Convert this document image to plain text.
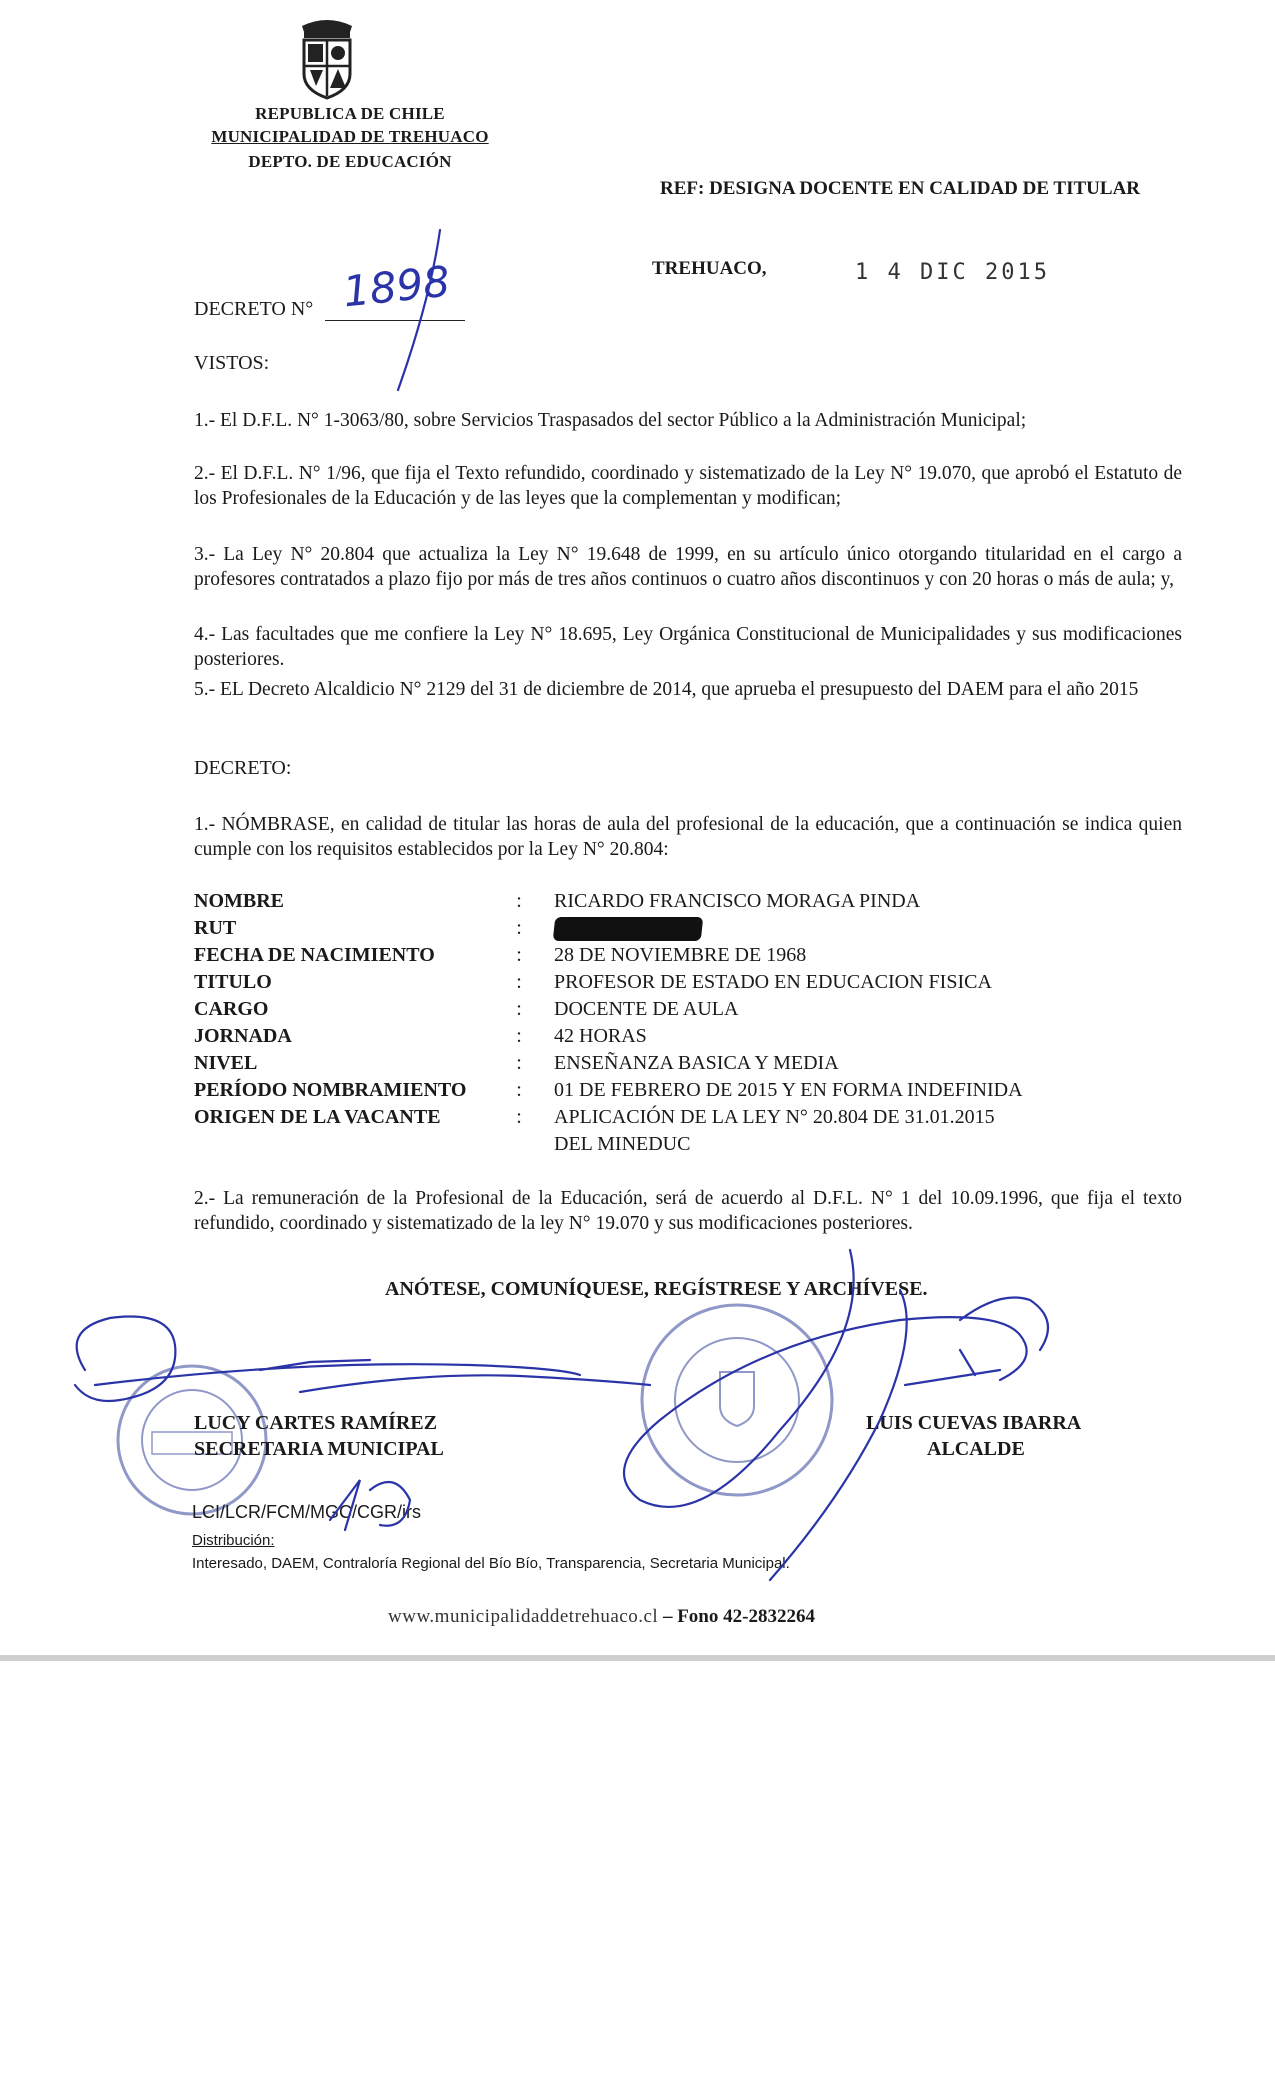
REPUBLICA DE CHILE
MUNICIPALIDAD DE TREHUACO
DEPTO. DE EDUCACIÓN
REF: DESIGNA DOCENTE EN CALIDAD DE TITULAR
TREHUACO,	1 4 DIC 2015
DECRETO N° 1898
VISTOS:
1.- El D.F.L. N° 1-3063/80, sobre Servicios Traspasados del sector Público a la Administración Municipal;
2.- El D.F.L. N° 1/96, que fija el Texto refundido, coordinado y sistematizado de la Ley N° 19.070, que aprobó el Estatuto de los Profesionales de la Educación y de las leyes que la complementan y modifican;
3.- La Ley N° 20.804 que actualiza la Ley N° 19.648 de 1999, en su artículo único otorgando titularidad en el cargo a profesores contratados a plazo fijo por más de tres años continuos o cuatro años discontinuos y con 20 horas o más de aula; y,
4.- Las facultades que me confiere la Ley N° 18.695, Ley Orgánica Constitucional de Municipalidades y sus modificaciones posteriores.
5.- EL Decreto Alcaldicio N° 2129 del 31 de diciembre de 2014, que aprueba el presupuesto del DAEM para el año 2015
DECRETO:
1.- NÓMBRASE, en calidad de titular las horas de aula del profesional de la educación, que a continuación se indica quien cumple con los requisitos establecidos por la Ley N° 20.804:
NOMBRE	:	RICARDO FRANCISCO MORAGA PINDA
RUT	:
FECHA DE NACIMIENTO	:	28 DE NOVIEMBRE DE 1968
TITULO	:	PROFESOR DE ESTADO EN EDUCACION FISICA
CARGO	:	DOCENTE DE AULA
JORNADA	:	42 HORAS
NIVEL	:	ENSEÑANZA BASICA Y MEDIA
PERÍODO NOMBRAMIENTO	:	01 DE FEBRERO DE 2015 Y EN FORMA INDEFINIDA
ORIGEN DE LA VACANTE	:	APLICACIÓN DE LA LEY N° 20.804 DE 31.01.2015
DEL MINEDUC
2.- La remuneración de la Profesional de la Educación, será de acuerdo al D.F.L. N° 1 del 10.09.1996, que fija el texto refundido, coordinado y sistematizado de la ley N° 19.070 y sus modificaciones posteriores.
ANÓTESE, COMUNÍQUESE, REGÍSTRESE Y ARCHÍVESE.
LUCY CARTES RAMÍREZ
SECRETARIA MUNICIPAL
LUIS CUEVAS IBARRA
ALCALDE
LCI/LCR/FCM/MGC/CGR/irs
Distribución:
Interesado, DAEM, Contraloría Regional del Bío Bío, Transparencia, Secretaria Municipal.
www.municipalidaddetrehuaco.cl – Fono 42-2832264
